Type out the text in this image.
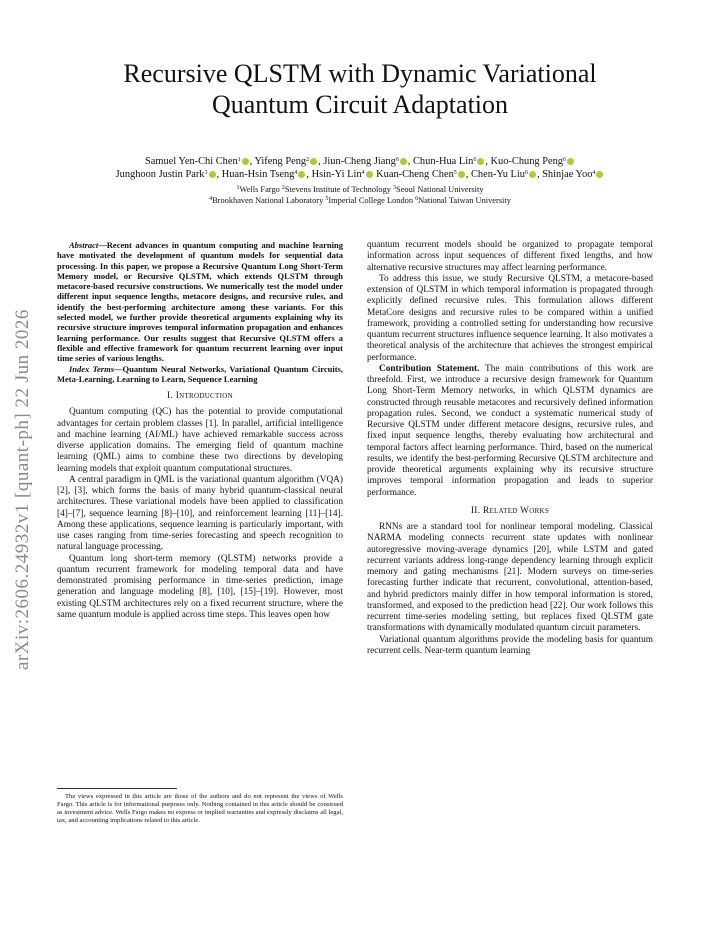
arXiv:2606.24932v1 [quant-ph] 22 Jun 2026
Recursive QLSTM with Dynamic Variational
Quantum Circuit Adaptation
Samuel Yen-Chi Chen$^1$ , Yifeng Peng$^2$ , Jiun-Cheng Jiang$^6$ , Chun-Hua Lin$^6$ , Kuo-Chung Peng$^6$
Junghoon Justin Park$^3$ , Huan-Hsin Tseng$^4$ , Hsin-Yi Lin$^4$ Kuan-Cheng Chen$^5$ , Chen-Yu Liu$^6$ , Shinjae Yoo$^4$
$^1$Wells Fargo $^2$Stevens Institute of Technology $^3$Seoul National University
$^4$Brookhaven National Laboratory $^5$Imperial College London $^6$National Taiwan University

Abstract—Recent advances in quantum computing and machine learning have motivated the development of quantum models for sequential data processing. In this paper, we propose a Recursive Quantum Long Short-Term Memory model, or Recursive QLSTM, which extends QLSTM through metacore-based recursive constructions. We numerically test the model under different input sequence lengths, metacore designs, and recursive rules, and identify the best-performing architecture among these variants. For this selected model, we further provide theoretical arguments explaining why its recursive structure improves temporal information propagation and enhances learning performance. Our results suggest that Recursive QLSTM offers a flexible and effective framework for quantum recurrent learning over input time series of various lengths.

Index Terms—Quantum Neural Networks, Variational Quantum Circuits, Meta-Learning, Learning to Learn, Sequence Learning

I. Introduction

Quantum computing (QC) has the potential to provide computational advantages for certain problem classes [1]. In parallel, artificial intelligence and machine learning (AI/ML) have achieved remarkable success across diverse application domains. The emerging field of quantum machine learning (QML) aims to combine these two directions by developing learning models that exploit quantum computational structures.

A central paradigm in QML is the variational quantum algorithm (VQA) [2], [3], which forms the basis of many hybrid quantum-classical neural architectures. These variational models have been applied to classification [4]–[7], sequence learning [8]–[10], and reinforcement learning [11]–[14]. Among these applications, sequence learning is particularly important, with use cases ranging from time-series forecasting and speech recognition to natural language processing.

Quantum long short-term memory (QLSTM) networks provide a quantum recurrent framework for modeling temporal data and have demonstrated promising performance in time-series prediction, image generation and language modeling [8], [10], [15]–[19]. However, most existing QLSTM architectures rely on a fixed recurrent structure, where the same quantum module is applied across time steps. This leaves open how

The views expressed in this article are those of the authors and do not represent the views of Wells Fargo. This article is for informational purposes only. Nothing contained in this article should be construed as investment advice. Wells Fargo makes no express or implied warranties and expressly disclaims all legal, tax, and accounting implications related to this article.

quantum recurrent models should be organized to propagate temporal information across input sequences of different fixed lengths, and how alternative recursive structures may affect learning performance.

To address this issue, we study Recursive QLSTM, a metacore-based extension of QLSTM in which temporal information is propagated through explicitly defined recursive rules. This formulation allows different MetaCore designs and recursive rules to be compared within a unified framework, providing a controlled setting for understanding how recursive quantum recurrent structures influence sequence learning. It also motivates a theoretical analysis of the architecture that achieves the strongest empirical performance.

Contribution Statement. The main contributions of this work are threefold. First, we introduce a recursive design framework for Quantum Long Short-Term Memory networks, in which QLSTM dynamics are constructed through reusable metacores and recursively defined information propagation rules. Second, we conduct a systematic numerical study of Recursive QLSTM under different metacore designs, recursive rules, and fixed input sequence lengths, thereby evaluating how architectural and temporal factors affect learning performance. Third, based on the numerical results, we identify the best-performing Recursive QLSTM architecture and provide theoretical arguments explaining why its recursive structure improves temporal information propagation and leads to superior performance.

II. Related Works

RNNs are a standard tool for nonlinear temporal modeling. Classical NARMA modeling connects recurrent state updates with nonlinear autoregressive moving-average dynamics [20], while LSTM and gated recurrent variants address long-range dependency learning through explicit memory and gating mechanisms [21]. Modern surveys on time-series forecasting further indicate that recurrent, convolutional, attention-based, and hybrid predictors mainly differ in how temporal information is stored, transformed, and exposed to the prediction head [22]. Our work follows this recurrent time-series modeling setting, but replaces fixed QLSTM gate transformations with dynamically modulated quantum circuit parameters.

Variational quantum algorithms provide the modeling basis for quantum recurrent cells. Near-term quantum learning
